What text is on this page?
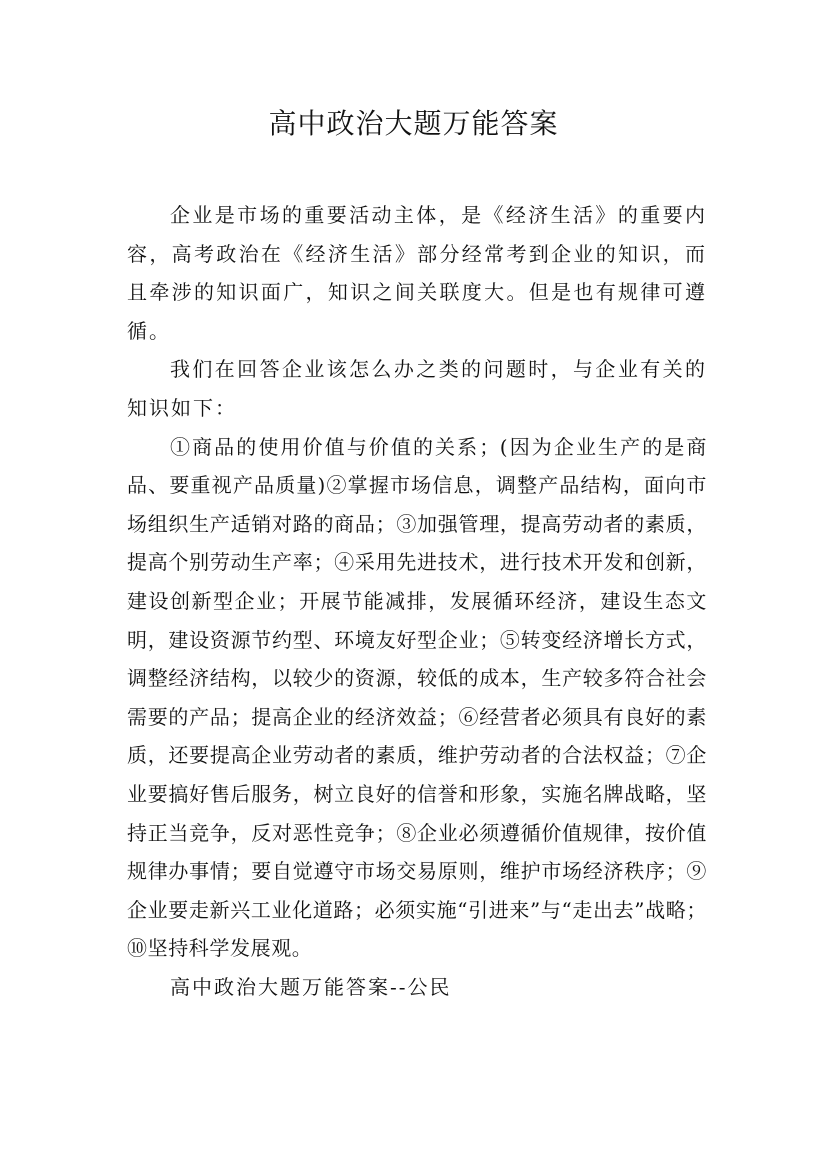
高中政治大题万能答案

企业是市场的重要活动主体，是《经济生活》的重要内容，高考政治在《经济生活》部分经常考到企业的知识，而且牵涉的知识面广，知识之间关联度大。但是也有规律可遵循。

我们在回答企业该怎么办之类的问题时，与企业有关的知识如下：

①商品的使用价值与价值的关系；(因为企业生产的是商品、要重视产品质量)②掌握市场信息，调整产品结构，面向市场组织生产适销对路的商品；③加强管理，提高劳动者的素质，提高个别劳动生产率；④采用先进技术，进行技术开发和创新，建设创新型企业；开展节能减排，发展循环经济，建设生态文明，建设资源节约型、环境友好型企业；⑤转变经济增长方式，调整经济结构，以较少的资源，较低的成本，生产较多符合社会需要的产品；提高企业的经济效益；⑥经营者必须具有良好的素质，还要提高企业劳动者的素质，维护劳动者的合法权益；⑦企业要搞好售后服务，树立良好的信誉和形象，实施名牌战略，坚持正当竞争，反对恶性竞争；⑧企业必须遵循价值规律，按价值规律办事情；要自觉遵守市场交易原则，维护市场经济秩序；⑨企业要走新兴工业化道路；必须实施“引进来”与“走出去”战略；⑩坚持科学发展观。

高中政治大题万能答案--公民
